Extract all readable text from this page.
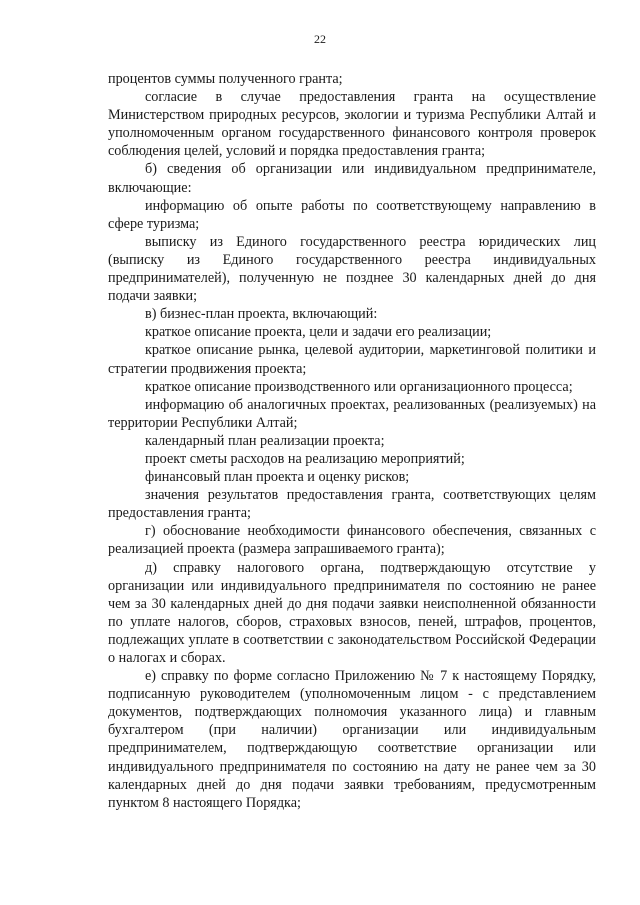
22

процентов суммы полученного гранта;

согласие в случае предоставления гранта на осуществление Министерством природных ресурсов, экологии и туризма Республики Алтай и уполномоченным органом государственного финансового контроля проверок соблюдения целей, условий и порядка предоставления гранта;

б) сведения об организации или индивидуальном предпринимателе, включающие:

информацию об опыте работы по соответствующему направлению в сфере туризма;

выписку из Единого государственного реестра юридических лиц (выписку из Единого государственного реестра индивидуальных предпринимателей), полученную не позднее 30 календарных дней до дня подачи заявки;

в) бизнес-план проекта, включающий:

краткое описание проекта, цели и задачи его реализации;

краткое описание рынка, целевой аудитории, маркетинговой политики и стратегии продвижения проекта;

краткое описание производственного или организационного процесса;

информацию об аналогичных проектах, реализованных (реализуемых) на территории Республики Алтай;

календарный план реализации проекта;

проект сметы расходов на реализацию мероприятий;

финансовый план проекта и оценку рисков;

значения результатов предоставления гранта, соответствующих целям предоставления гранта;

г) обоснование необходимости финансового обеспечения, связанных с реализацией проекта (размера запрашиваемого гранта);

д) справку налогового органа, подтверждающую отсутствие у организации или индивидуального предпринимателя по состоянию не ранее чем за 30 календарных дней до дня подачи заявки неисполненной обязанности по уплате налогов, сборов, страховых взносов, пеней, штрафов, процентов, подлежащих уплате в соответствии с законодательством Российской Федерации о налогах и сборах.

е) справку по форме согласно Приложению № 7 к настоящему Порядку, подписанную руководителем (уполномоченным лицом - с представлением документов, подтверждающих полномочия указанного лица) и главным бухгалтером (при наличии) организации или индивидуальным предпринимателем, подтверждающую соответствие организации или индивидуального предпринимателя по состоянию на дату не ранее чем за 30 календарных дней до дня подачи заявки требованиям, предусмотренным пунктом 8 настоящего Порядка;
